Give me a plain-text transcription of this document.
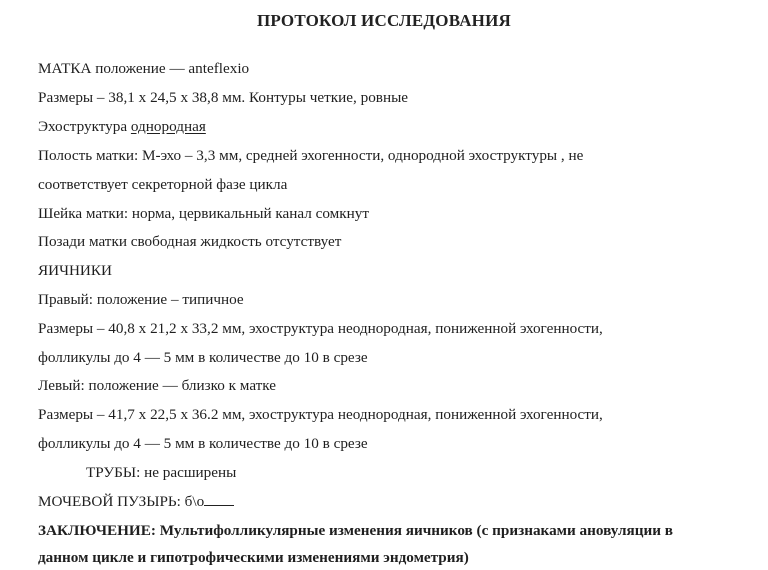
ПРОТОКОЛ ИССЛЕДОВАНИЯ
МАТКА положение — anteflexio
Размеры – 38,1 х 24,5 х 38,8 мм. Контуры четкие, ровные
Эхоструктура однородная
Полость матки: М-эхо – 3,3 мм, средней эхогенности, однородной эхоструктуры , не
соответствует секреторной фазе цикла
Шейка матки: норма, цервикальный канал сомкнут
Позади матки свободная жидкость отсутствует
ЯИЧНИКИ
Правый: положение – типичное
Размеры – 40,8 х 21,2 х 33,2 мм, эхоструктура неоднородная, пониженной эхогенности,
фолликулы до 4 — 5 мм в количестве до 10 в срезе
Левый: положение — близко к матке
Размеры – 41,7 х 22,5 х 36.2 мм, эхоструктура неоднородная, пониженной эхогенности,
фолликулы до 4 — 5 мм в количестве до 10 в срезе
ТРУБЫ: не расширены
МОЧЕВОЙ ПУЗЫРЬ: б\о
ЗАКЛЮЧЕНИЕ: Мультифолликулярные изменения яичников (с признаками ановуляции в
данном цикле и гипотрофическими изменениями эндометрия)
